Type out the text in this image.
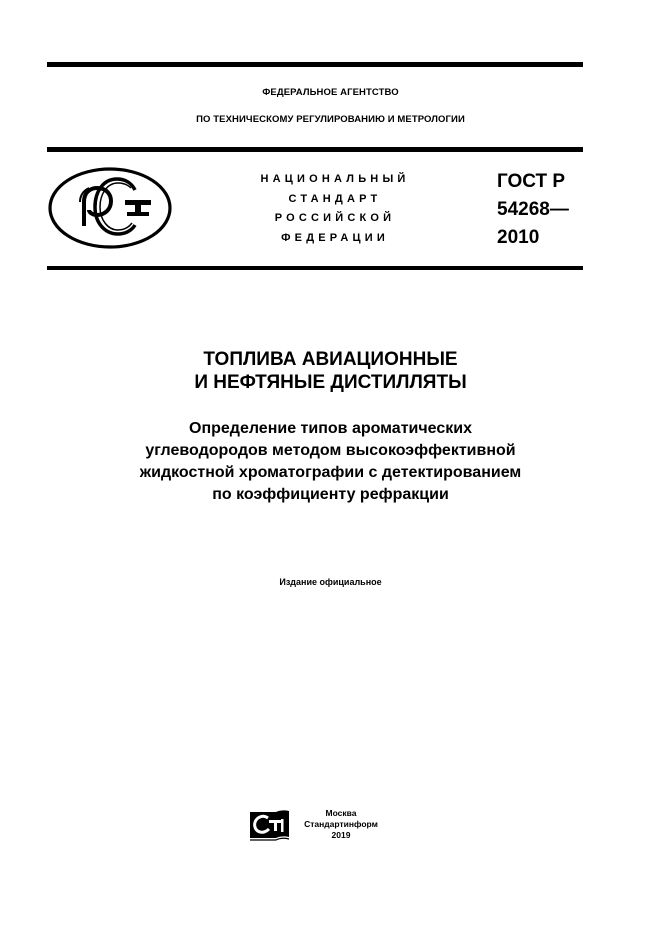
ФЕДЕРАЛЬНОЕ АГЕНТСТВО
ПО ТЕХНИЧЕСКОМУ РЕГУЛИРОВАНИЮ И МЕТРОЛОГИИ
НАЦИОНАЛЬНЫЙ
СТАНДАРТ
РОССИЙСКОЙ
ФЕДЕРАЦИИ
ГОСТ Р
54268—
2010
ТОПЛИВА АВИАЦИОННЫЕ
И НЕФТЯНЫЕ ДИСТИЛЛЯТЫ
Определение типов ароматических
углеводородов методом высокоэффективной
жидкостной хроматографии с детектированием
по коэффициенту рефракции
Издание официальное
Москва
Стандартинформ
2019
